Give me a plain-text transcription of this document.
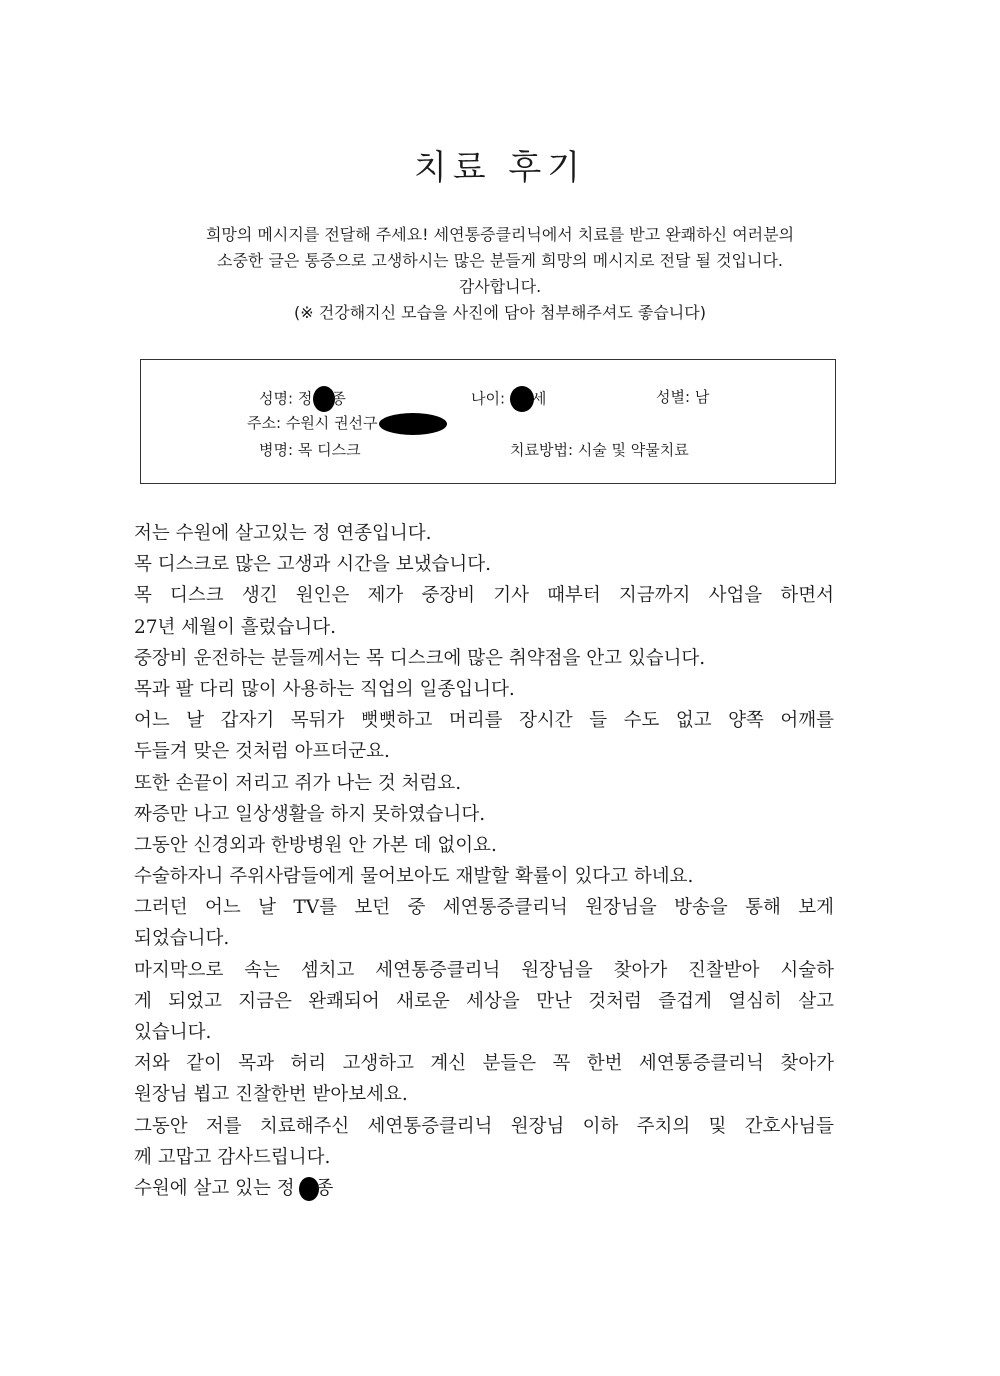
치료 후기
희망의 메시지를 전달해 주세요! 세연통증클리닉에서 치료를 받고 완쾌하신 여러분의
소중한 글은 통증으로 고생하시는 많은 분들게 희망의 메시지로 전달 될 것입니다.
감사합니다.
(※ 건강해지신 모습을 사진에 담아 첨부해주셔도 좋습니다)
성명: 정 종	나이: 세	성별: 남
주소: 수원시 권선구
병명: 목 디스크	치료방법: 시술 및 약물치료
저는 수원에 살고있는 정 연종입니다.
목 디스크로 많은 고생과 시간을 보냈습니다.
목 디스크 생긴 원인은 제가 중장비 기사 때부터 지금까지 사업을 하면서
27년 세월이 흘렀습니다.
중장비 운전하는 분들께서는 목 디스크에 많은 취약점을 안고 있습니다.
목과 팔 다리 많이 사용하는 직업의 일종입니다.
어느 날 갑자기 목뒤가 뻣뻣하고 머리를 장시간 들 수도 없고 양쪽 어깨를
두들겨 맞은 것처럼 아프더군요.
또한 손끝이 저리고 쥐가 나는 것 처럼요.
짜증만 나고 일상생활을 하지 못하였습니다.
그동안 신경외과 한방병원 안 가본 데 없이요.
수술하자니 주위사람들에게 물어보아도 재발할 확률이 있다고 하네요.
그러던 어느 날 TV를 보던 중 세연통증클리닉 원장님을 방송을 통해 보게
되었습니다.
마지막으로 속는 셈치고 세연통증클리닉 원장님을 찾아가 진찰받아 시술하
게 되었고 지금은 완쾌되어 새로운 세상을 만난 것처럼 즐겁게 열심히 살고
있습니다.
저와 같이 목과 허리 고생하고 계신 분들은 꼭 한번 세연통증클리닉 찾아가
원장님 뵙고 진찰한번 받아보세요.
그동안 저를 치료해주신 세연통증클리닉 원장님 이하 주치의 및 간호사님들
께 고맙고 감사드립니다.
수원에 살고 있는 정 종
